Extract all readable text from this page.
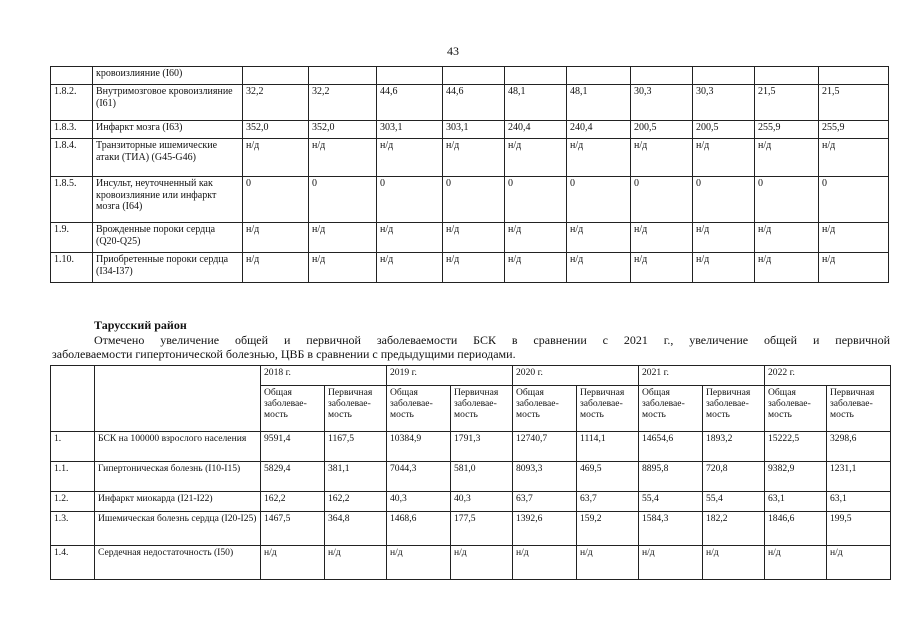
43
	кровоизлияние (I60)										
1.8.2.	Внутримозговое кровоизлияние (I61)	32,2	32,2	44,6	44,6	48,1	48,1	30,3	30,3	21,5	21,5
1.8.3.	Инфаркт мозга (I63)	352,0	352,0	303,1	303,1	240,4	240,4	200,5	200,5	255,9	255,9
1.8.4.	Транзиторные ишемические атаки (ТИА) (G45-G46)	н/д	н/д	н/д	н/д	н/д	н/д	н/д	н/д	н/д	н/д
1.8.5.	Инсульт, неуточненный как кровоизлияние или инфаркт мозга (I64)	0	0	0	0	0	0	0	0	0	0
1.9.	Врожденные пороки сердца (Q20-Q25)	н/д	н/д	н/д	н/д	н/д	н/д	н/д	н/д	н/д	н/д
1.10.	Приобретенные пороки сердца (I34-I37)	н/д	н/д	н/д	н/д	н/д	н/д	н/д	н/д	н/д	н/д
Тарусский район
Отмечено увеличение общей и первичной заболеваемости БСК в сравнении с 2021 г., увеличение общей и первичной
заболеваемости гипертонической болезнью, ЦВБ в сравнении с предыдущими периодами.
		2018 г.		2019 г.		2020 г.		2021 г.		2022 г.	
		Общая заболевае-мость	Первичная заболевае-мость	Общая заболевае-мость	Первичная заболевае-мость	Общая заболевае-мость	Первичная заболевае-мость	Общая заболевае-мость	Первичная заболевае-мость	Общая заболевае-мость	Первичная заболевае-мость
1.	БСК на 100000 взрослого населения	9591,4	1167,5	10384,9	1791,3	12740,7	1114,1	14654,6	1893,2	15222,5	3298,6
1.1.	Гипертоническая болезнь (I10-I15)	5829,4	381,1	7044,3	581,0	8093,3	469,5	8895,8	720,8	9382,9	1231,1
1.2.	Инфаркт миокарда (I21-I22)	162,2	162,2	40,3	40,3	63,7	63,7	55,4	55,4	63,1	63,1
1.3.	Ишемическая болезнь сердца (I20-I25)	1467,5	364,8	1468,6	177,5	1392,6	159,2	1584,3	182,2	1846,6	199,5
1.4.	Сердечная недостаточность (I50)	н/д	н/д	н/д	н/д	н/д	н/д	н/д	н/д	н/д	н/д
